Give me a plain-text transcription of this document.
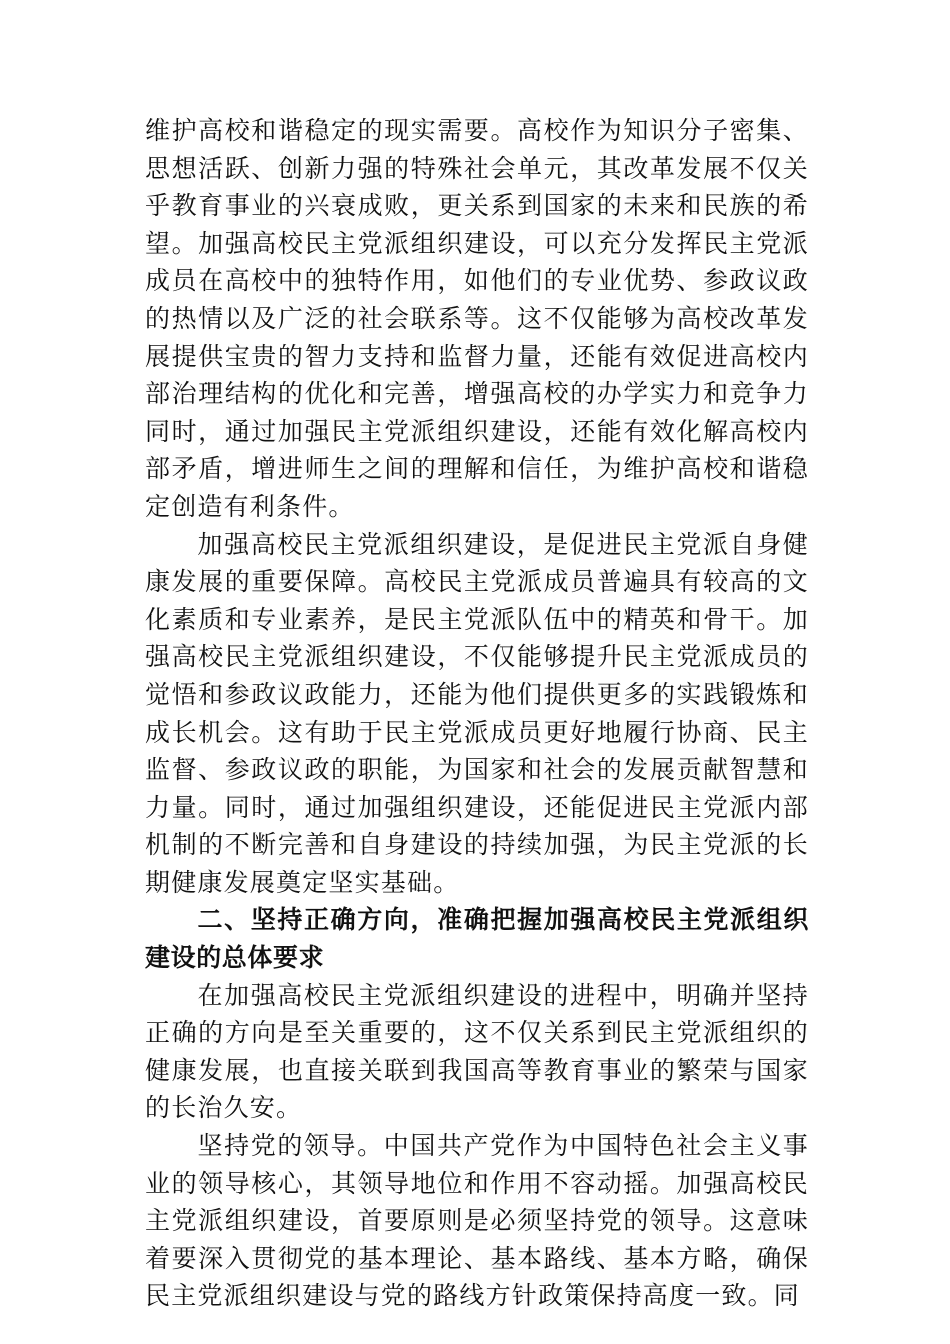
维护高校和谐稳定的现实需要。高校作为知识分子密集、思想活跃、创新力强的特殊社会单元，其改革发展不仅关乎教育事业的兴衰成败，更关系到国家的未来和民族的希望。加强高校民主党派组织建设，可以充分发挥民主党派成员在高校中的独特作用，如他们的专业优势、参政议政的热情以及广泛的社会联系等。这不仅能够为高校改革发展提供宝贵的智力支持和监督力量，还能有效促进高校内部治理结构的优化和完善，增强高校的办学实力和竞争力同时，通过加强民主党派组织建设，还能有效化解高校内部矛盾，增进师生之间的理解和信任，为维护高校和谐稳定创造有利条件。

加强高校民主党派组织建设，是促进民主党派自身健康发展的重要保障。高校民主党派成员普遍具有较高的文化素质和专业素养，是民主党派队伍中的精英和骨干。加强高校民主党派组织建设，不仅能够提升民主党派成员的觉悟和参政议政能力，还能为他们提供更多的实践锻炼和成长机会。这有助于民主党派成员更好地履行协商、民主监督、参政议政的职能，为国家和社会的发展贡献智慧和力量。同时，通过加强组织建设，还能促进民主党派内部机制的不断完善和自身建设的持续加强，为民主党派的长期健康发展奠定坚实基础。

二、坚持正确方向，准确把握加强高校民主党派组织建设的总体要求

在加强高校民主党派组织建设的进程中，明确并坚持正确的方向是至关重要的，这不仅关系到民主党派组织的健康发展，也直接关联到我国高等教育事业的繁荣与国家的长治久安。

坚持党的领导。中国共产党作为中国特色社会主义事业的领导核心，其领导地位和作用不容动摇。加强高校民主党派组织建设，首要原则是必须坚持党的领导。这意味着要深入贯彻党的基本理论、基本路线、基本方略，确保民主党派组织建设与党的路线方针政策保持高度一致。同
